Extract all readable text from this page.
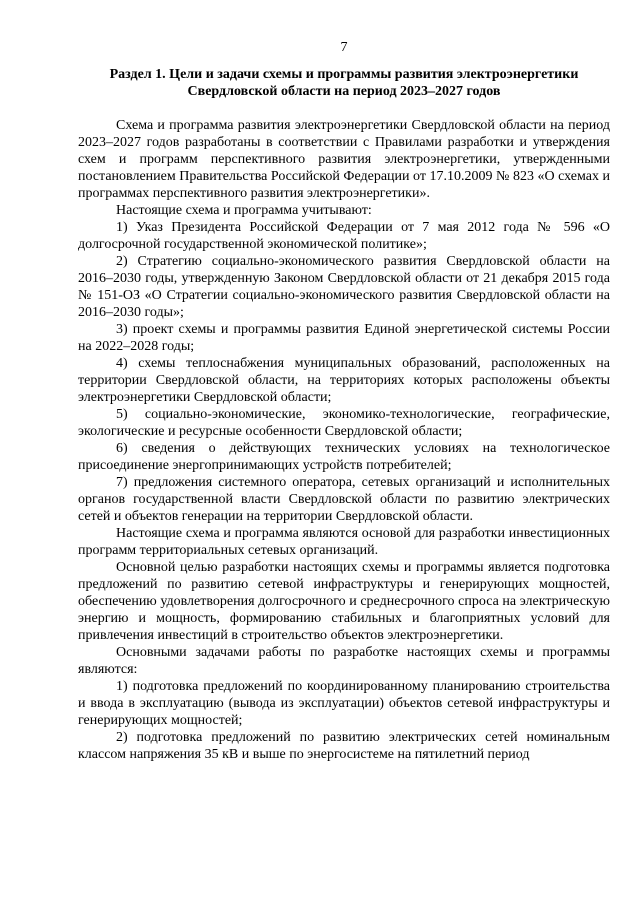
7
Раздел 1. Цели и задачи схемы и программы развития электроэнергетики
Свердловской области на период 2023–2027 годов

Схема и программа развития электроэнергетики Свердловской области на период 2023–2027 годов разработаны в соответствии с Правилами разработки и утверждения схем и программ перспективного развития электроэнергетики, утвержденными постановлением Правительства Российской Федерации от 17.10.2009 № 823 «О схемах и программах перспективного развития электроэнергетики».

Настоящие схема и программа учитывают:

1) Указ Президента Российской Федерации от 7 мая 2012 года № 596 «О долгосрочной государственной экономической политике»;

2) Стратегию социально-экономического развития Свердловской области на 2016–2030 годы, утвержденную Законом Свердловской области от 21 декабря 2015 года № 151-ОЗ «О Стратегии социально-экономического развития Свердловской области на 2016–2030 годы»;

3) проект схемы и программы развития Единой энергетической системы России на 2022–2028 годы;

4) схемы теплоснабжения муниципальных образований, расположенных на территории Свердловской области, на территориях которых расположены объекты электроэнергетики Свердловской области;

5) социально-экономические, экономико-технологические, географические, экологические и ресурсные особенности Свердловской области;

6) сведения о действующих технических условиях на технологическое присоединение энергопринимающих устройств потребителей;

7) предложения системного оператора, сетевых организаций и исполнительных органов государственной власти Свердловской области по развитию электрических сетей и объектов генерации на территории Свердловской области.

Настоящие схема и программа являются основой для разработки инвестиционных программ территориальных сетевых организаций.

Основной целью разработки настоящих схемы и программы является подготовка предложений по развитию сетевой инфраструктуры и генерирующих мощностей, обеспечению удовлетворения долгосрочного и среднесрочного спроса на электрическую энергию и мощность, формированию стабильных и благоприятных условий для привлечения инвестиций в строительство объектов электроэнергетики.

Основными задачами работы по разработке настоящих схемы и программы являются:

1) подготовка предложений по координированному планированию строительства и ввода в эксплуатацию (вывода из эксплуатации) объектов сетевой инфраструктуры и генерирующих мощностей;

2) подготовка предложений по развитию электрических сетей номинальным классом напряжения 35 кВ и выше по энергосистеме на пятилетний период
